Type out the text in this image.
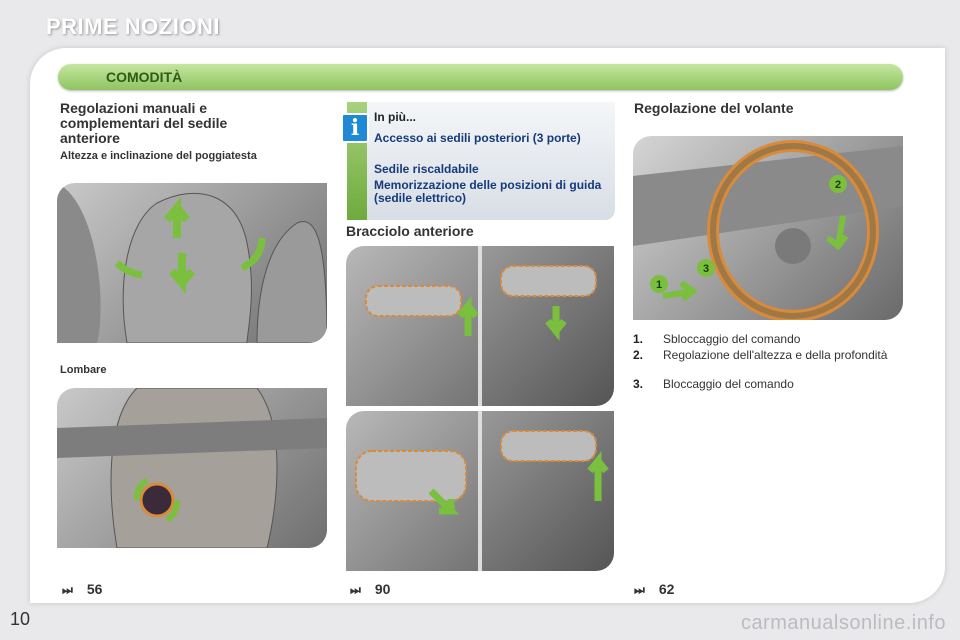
PRIME NOZIONI
COMODITÀ
Regolazioni manuali e complementari del sedile anteriore
Altezza e inclinazione del poggiatesta
Lombare
⏭ 56
i	In più...
Accesso ai sedili posteriori (3 porte)
Sedile riscaldabile
Memorizzazione delle posizioni di guida (sedile elettrico)
Bracciolo anteriore
⏭ 90
Regolazione del volante
1
2
3
1. Sbloccaggio del comando
2. Regolazione dell'altezza e della profondità
3. Bloccaggio del comando
⏭ 62
10	carmanualsonline.info
